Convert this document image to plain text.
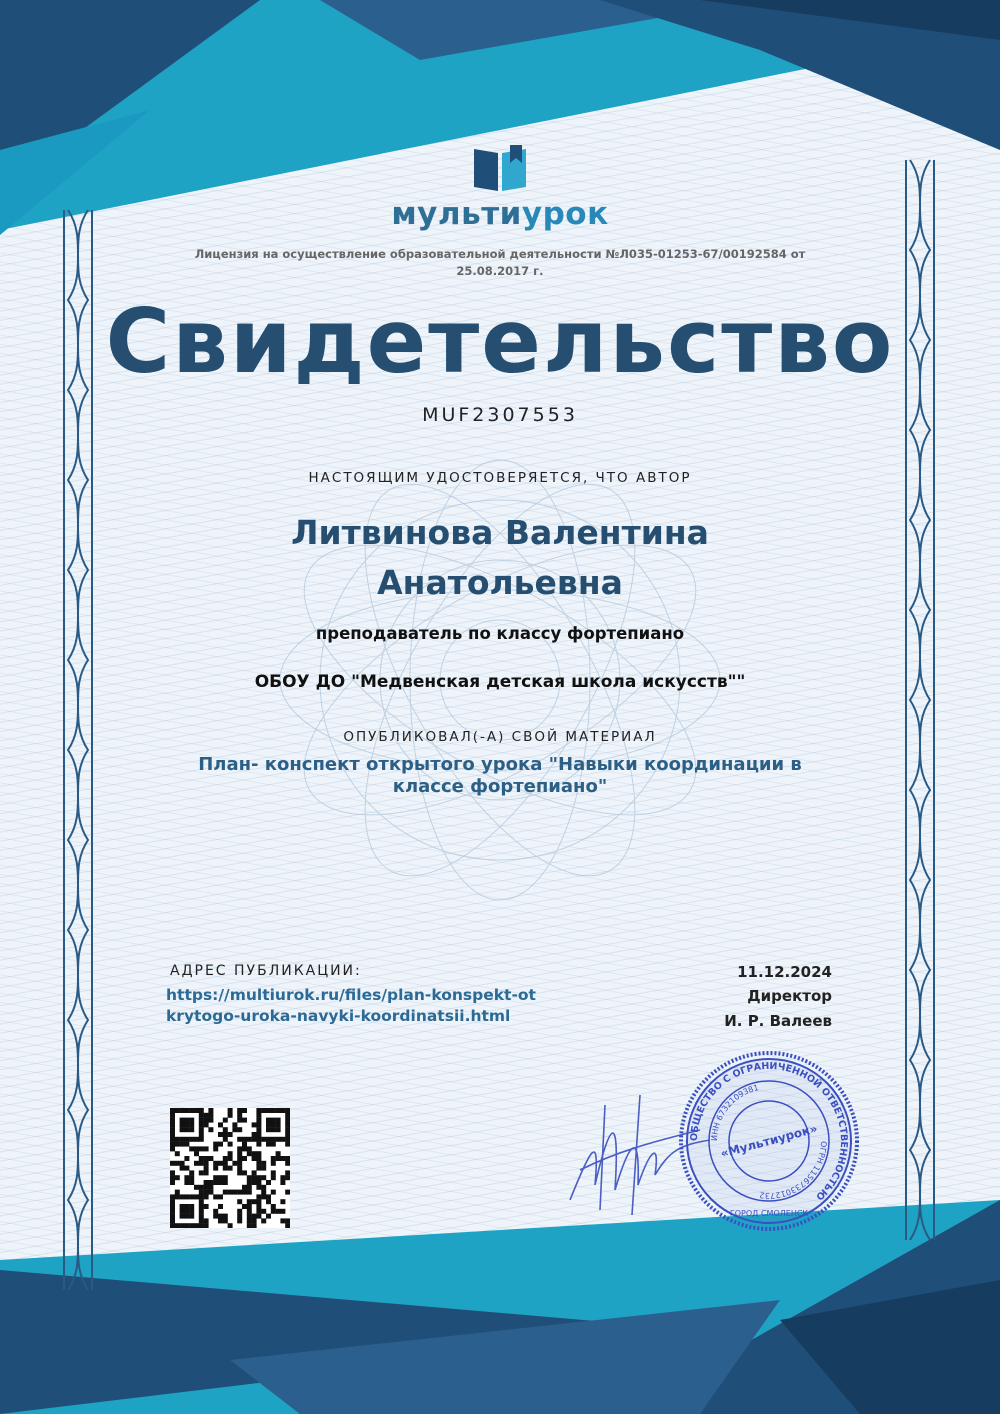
мультиурок
Лицензия на осуществление образовательной деятельности №Л035-01253-67/00192584 от 25.08.2017 г.
Свидетельство
MUF2307553
НАСТОЯЩИМ УДОСТОВЕРЯЕТСЯ, ЧТО АВТОР
Литвинова Валентина Анатольевна
преподаватель по классу фортепиано
ОБОУ ДО "Медвенская детская школа искусств""
ОПУБЛИКОВАЛ(-А) СВОЙ МАТЕРИАЛ
План- конспект открытого урока "Навыки координации в классе фортепиано"
АДРЕС ПУБЛИКАЦИИ:
https://multiurok.ru/files/plan-konspekt-otkrytogo-uroka-navyki-koordinatsii.html
11.12.2024
Директор
И. Р. Валеев
ОБЩЕСТВО С ОГРАНИЧЕННОЙ ОТВЕТСТВЕННОСТЬЮ
ИНН 6732109381
ОГРН 1156733012732
ГОРОД СМОЛЕНСК
«Мультиурок»
